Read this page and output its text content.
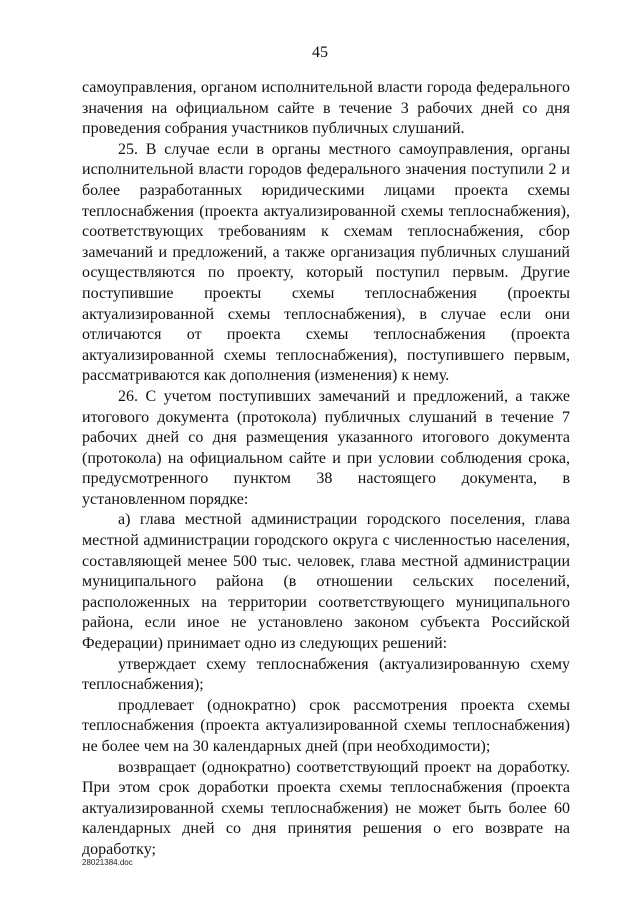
45

самоуправления, органом исполнительной власти города федерального значения на официальном сайте в течение 3 рабочих дней со дня проведения собрания участников публичных слушаний.

25. В случае если в органы местного самоуправления, органы исполнительной власти городов федерального значения поступили 2 и более разработанных юридическими лицами проекта схемы теплоснабжения (проекта актуализированной схемы теплоснабжения), соответствующих требованиям к схемам теплоснабжения, сбор замечаний и предложений, а также организация публичных слушаний осуществляются по проекту, который поступил первым. Другие поступившие проекты схемы теплоснабжения (проекты актуализированной схемы теплоснабжения), в случае если они отличаются от проекта схемы теплоснабжения (проекта актуализированной схемы теплоснабжения), поступившего первым, рассматриваются как дополнения (изменения) к нему.

26. С учетом поступивших замечаний и предложений, а также итогового документа (протокола) публичных слушаний в течение 7 рабочих дней со дня размещения указанного итогового документа (протокола) на официальном сайте и при условии соблюдения срока, предусмотренного пунктом 38 настоящего документа, в установленном порядке:

а) глава местной администрации городского поселения, глава местной администрации городского округа с численностью населения, составляющей менее 500 тыс. человек, глава местной администрации муниципального района (в отношении сельских поселений, расположенных на территории соответствующего муниципального района, если иное не установлено законом субъекта Российской Федерации) принимает одно из следующих решений:

утверждает схему теплоснабжения (актуализированную схему теплоснабжения);

продлевает (однократно) срок рассмотрения проекта схемы теплоснабжения (проекта актуализированной схемы теплоснабжения) не более чем на 30 календарных дней (при необходимости);

возвращает (однократно) соответствующий проект на доработку. При этом срок доработки проекта схемы теплоснабжения (проекта актуализированной схемы теплоснабжения) не может быть более 60 календарных дней со дня принятия решения о его возврате на доработку;

28021384.doc
